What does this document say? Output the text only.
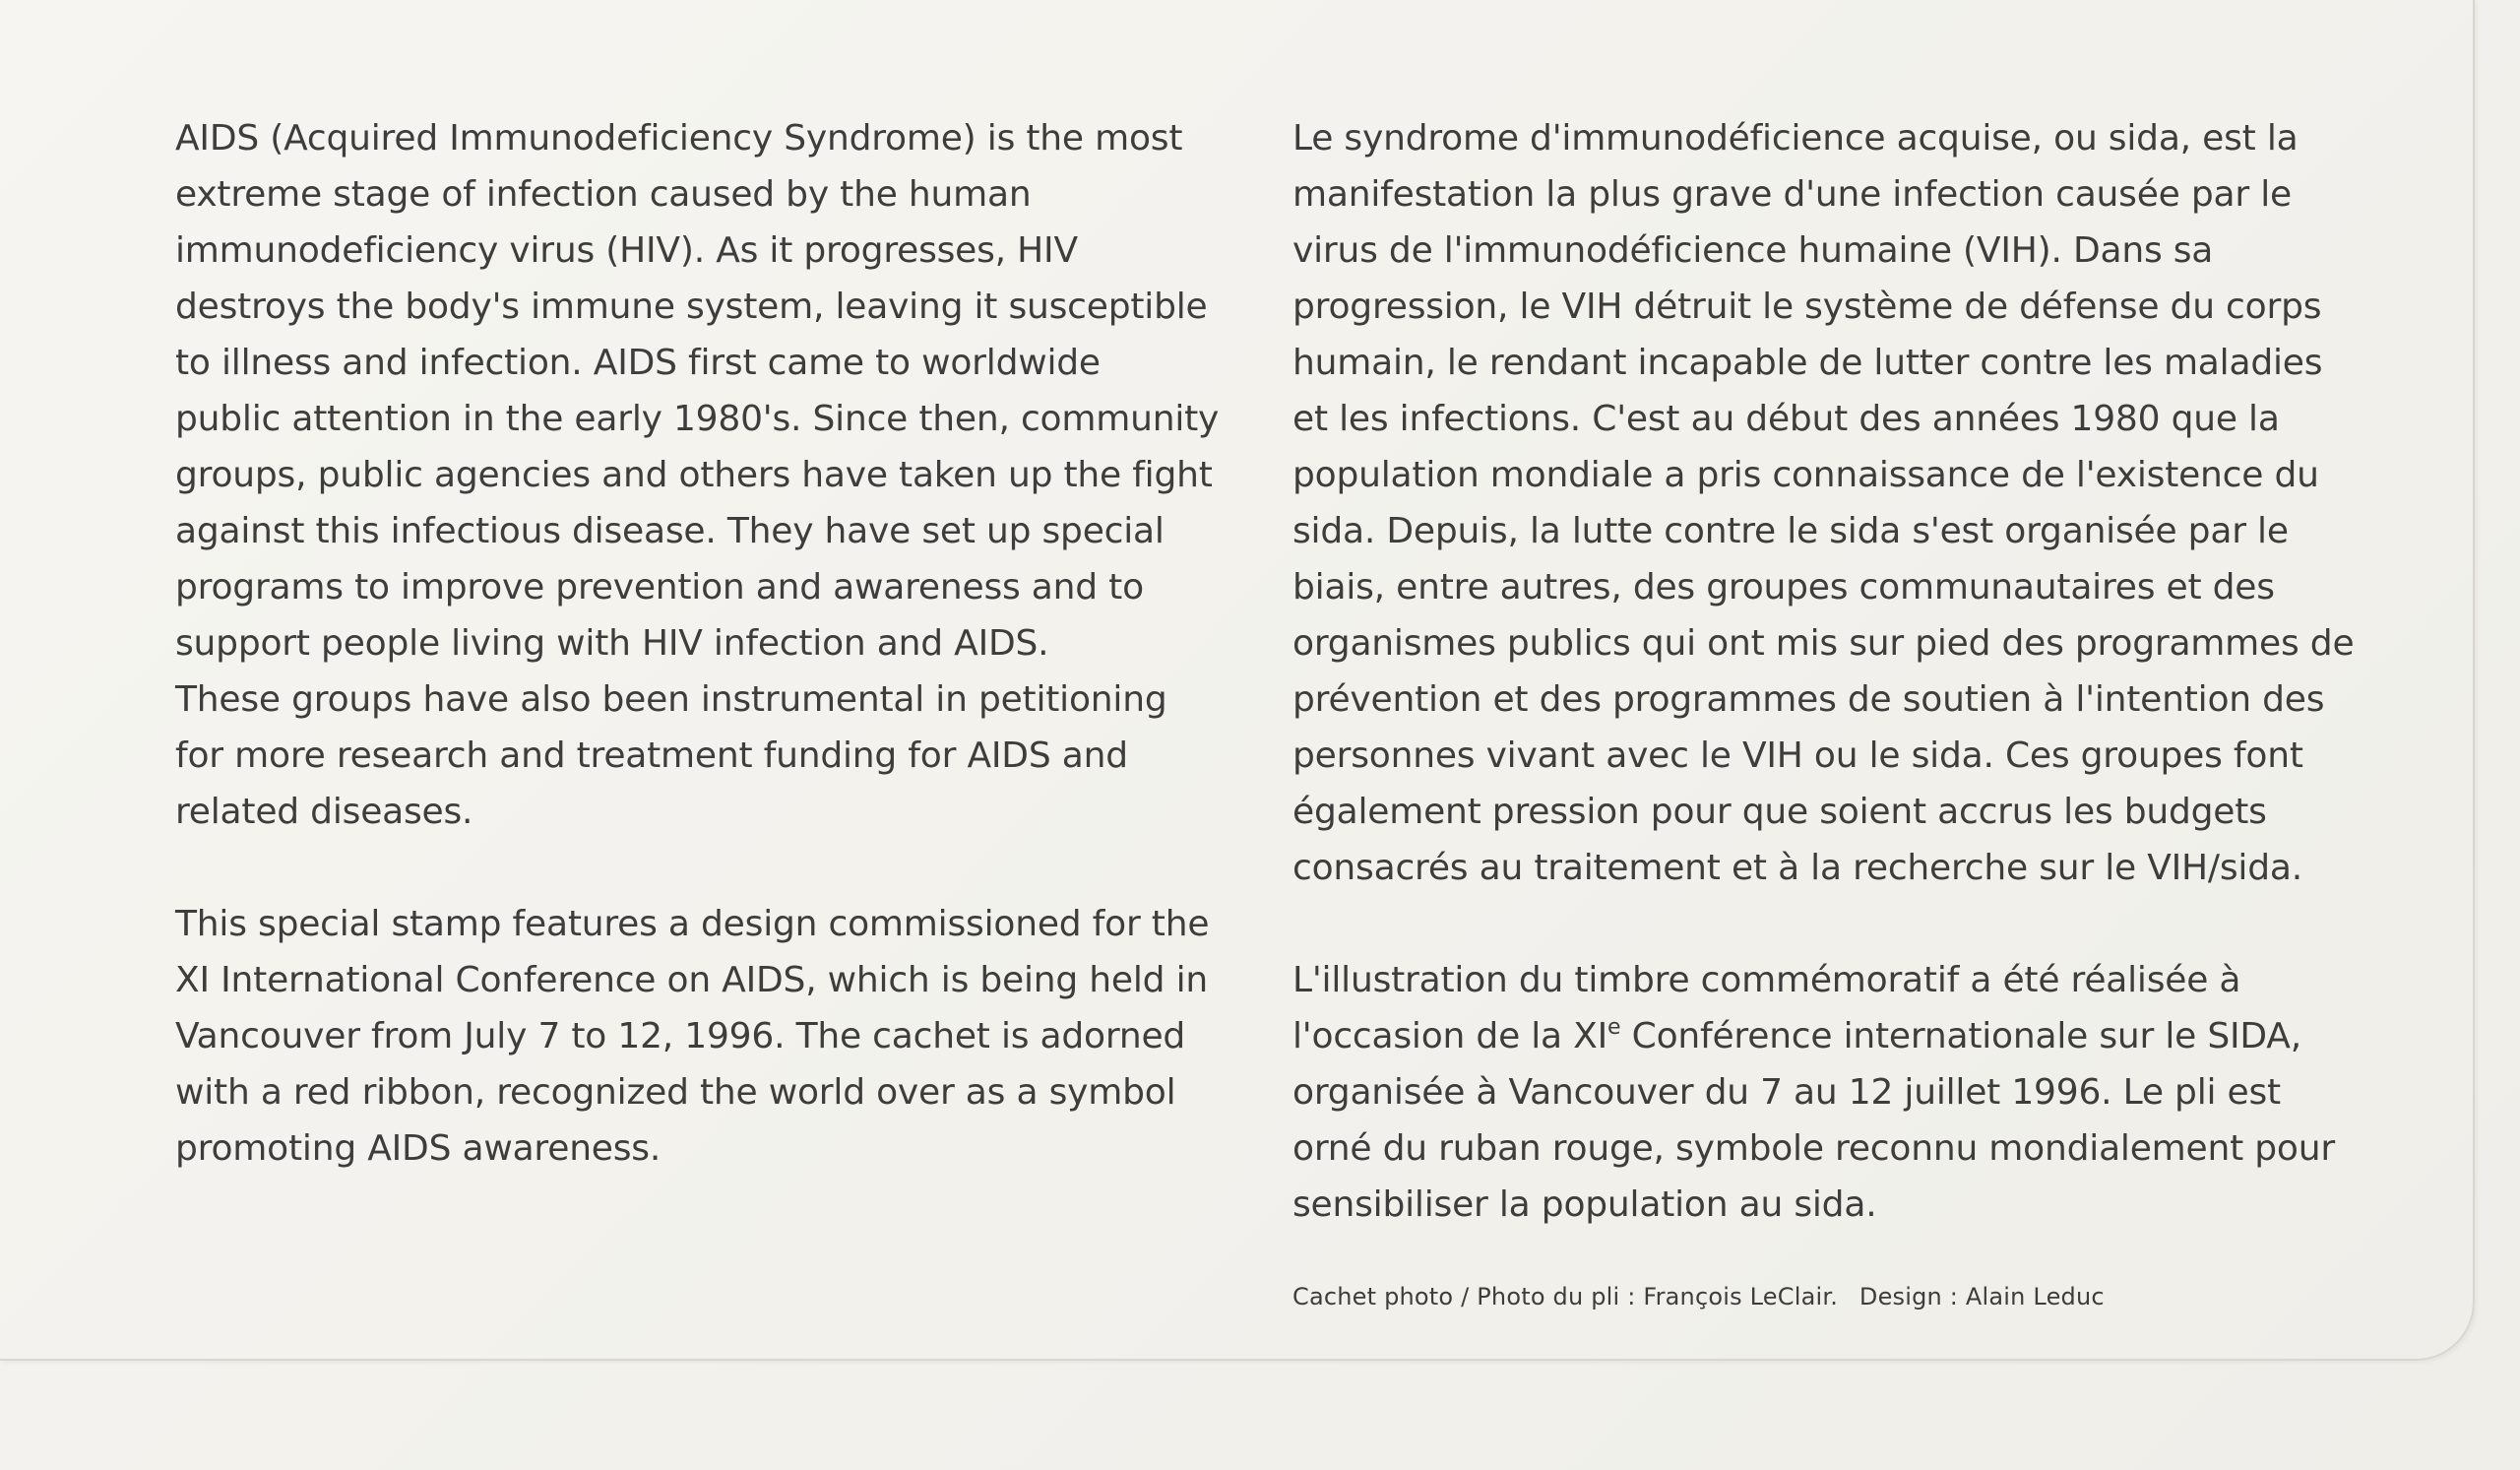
AIDS (Acquired Immunodeficiency Syndrome) is the most
extreme stage of infection caused by the human
immunodeficiency virus (HIV). As it progresses, HIV
destroys the body's immune system, leaving it susceptible
to illness and infection. AIDS first came to worldwide
public attention in the early 1980's. Since then, community
groups, public agencies and others have taken up the fight
against this infectious disease. They have set up special
programs to improve prevention and awareness and to
support people living with HIV infection and AIDS.
These groups have also been instrumental in petitioning
for more research and treatment funding for AIDS and
related diseases.

This special stamp features a design commissioned for the
XI International Conference on AIDS, which is being held in
Vancouver from July 7 to 12, 1996. The cachet is adorned
with a red ribbon, recognized the world over as a symbol
promoting AIDS awareness.

Le syndrome d'immunodéficience acquise, ou sida, est la
manifestation la plus grave d'une infection causée par le
virus de l'immunodéficience humaine (VIH). Dans sa
progression, le VIH détruit le système de défense du corps
humain, le rendant incapable de lutter contre les maladies
et les infections. C'est au début des années 1980 que la
population mondiale a pris connaissance de l'existence du
sida. Depuis, la lutte contre le sida s'est organisée par le
biais, entre autres, des groupes communautaires et des
organismes publics qui ont mis sur pied des programmes de
prévention et des programmes de soutien à l'intention des
personnes vivant avec le VIH ou le sida. Ces groupes font
également pression pour que soient accrus les budgets
consacrés au traitement et à la recherche sur le VIH/sida.

L'illustration du timbre commémoratif a été réalisée à
l'occasion de la XIe Conférence internationale sur le SIDA,
organisée à Vancouver du 7 au 12 juillet 1996. Le pli est
orné du ruban rouge, symbole reconnu mondialement pour
sensibiliser la population au sida.

Cachet photo / Photo du pli : François LeClair. Design : Alain Leduc
